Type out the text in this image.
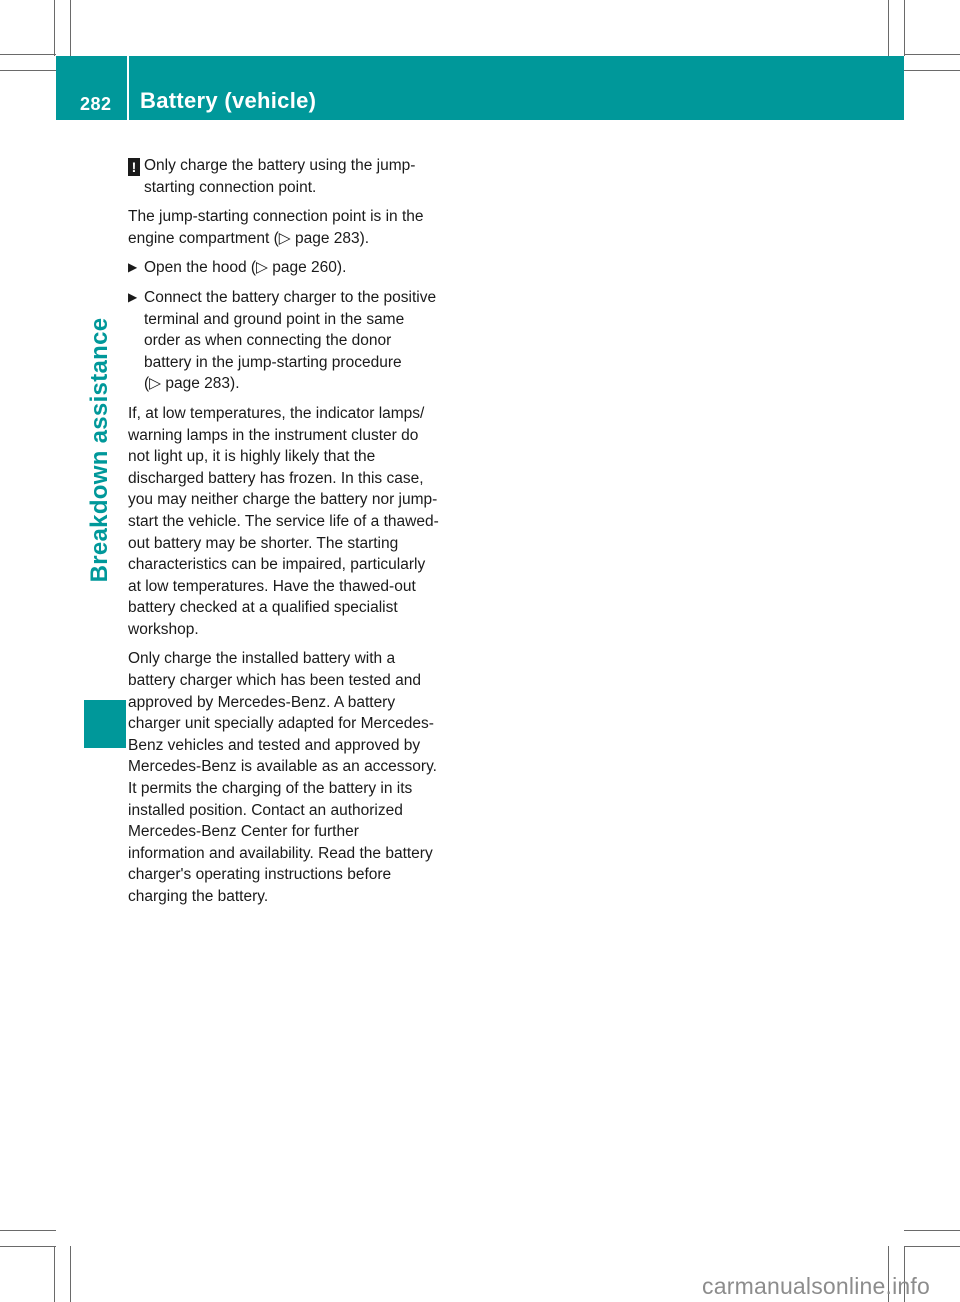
282 Battery (vehicle)
Breakdown assistance
! Only charge the battery using the jump-
starting connection point.

The jump-starting connection point is in the
engine compartment (▷ page 283).

▶ Open the hood (▷ page 260).
▶ Connect the battery charger to the positive
terminal and ground point in the same
order as when connecting the donor
battery in the jump-starting procedure
(▷ page 283).

If, at low temperatures, the indicator lamps/
warning lamps in the instrument cluster do
not light up, it is highly likely that the
discharged battery has frozen. In this case,
you may neither charge the battery nor jump-
start the vehicle. The service life of a thawed-
out battery may be shorter. The starting
characteristics can be impaired, particularly
at low temperatures. Have the thawed-out
battery checked at a qualified specialist
workshop.

Only charge the installed battery with a
battery charger which has been tested and
approved by Mercedes-Benz. A battery
charger unit specially adapted for Mercedes-
Benz vehicles and tested and approved by
Mercedes-Benz is available as an accessory.
It permits the charging of the battery in its
installed position. Contact an authorized
Mercedes-Benz Center for further
information and availability. Read the battery
charger's operating instructions before
charging the battery.

carmanualsonline.info
